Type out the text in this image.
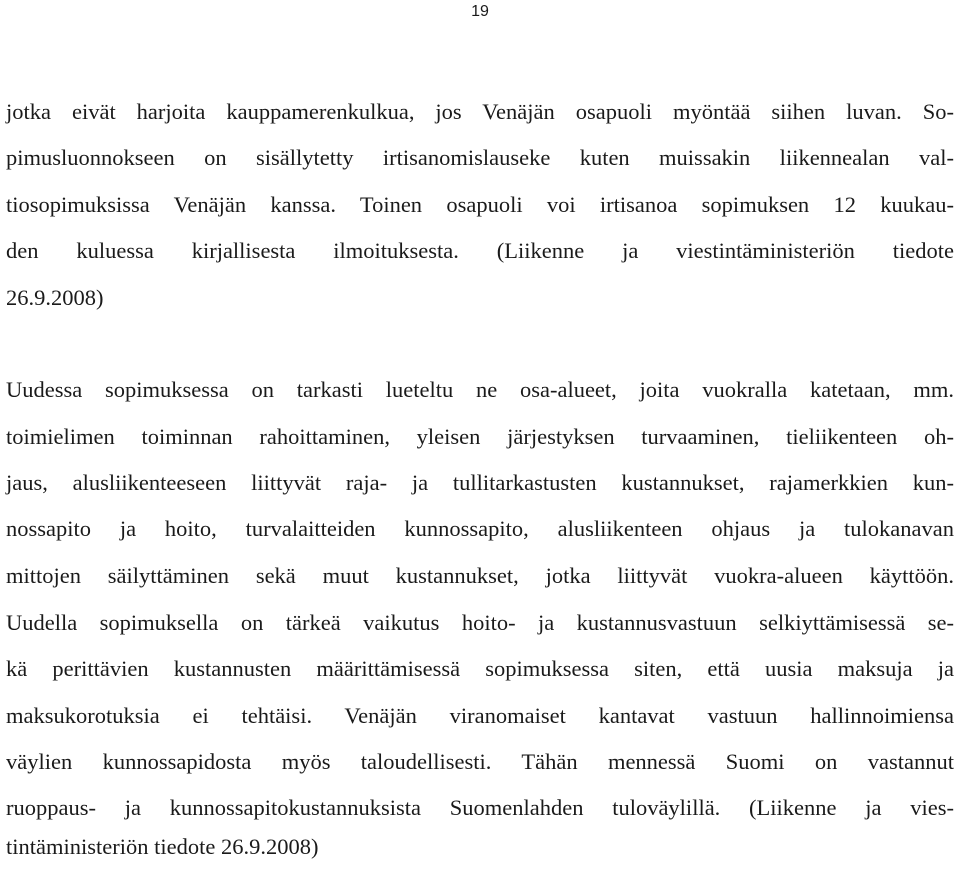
19
jotka eivät harjoita kauppamerenkulkua, jos Venäjän osapuoli myöntää siihen luvan. So-
pimusluonnokseen on sisällytetty irtisanomislauseke kuten muissakin liikennealan val-
tiosopimuksissa Venäjän kanssa. Toinen osapuoli voi irtisanoa sopimuksen 12 kuukau-
den kuluessa kirjallisesta ilmoituksesta. (Liikenne ja viestintäministeriön tiedote
26.9.2008)
Uudessa sopimuksessa on tarkasti lueteltu ne osa-alueet, joita vuokralla katetaan, mm.
toimielimen toiminnan rahoittaminen, yleisen järjestyksen turvaaminen, tieliikenteen oh-
jaus, alusliikenteeseen liittyvät raja- ja tullitarkastusten kustannukset, rajamerkkien kun-
nossapito ja hoito, turvalaitteiden kunnossapito, alusliikenteen ohjaus ja tulokanavan
mittojen säilyttäminen sekä muut kustannukset, jotka liittyvät vuokra-alueen käyttöön.
Uudella sopimuksella on tärkeä vaikutus hoito- ja kustannusvastuun selkiyttämisessä se-
kä perittävien kustannusten määrittämisessä sopimuksessa siten, että uusia maksuja ja
maksukorotuksia ei tehtäisi. Venäjän viranomaiset kantavat vastuun hallinnoimiensa
väylien kunnossapidosta myös taloudellisesti. Tähän mennessä Suomi on vastannut
ruoppaus- ja kunnossapitokustannuksista Suomenlahden tuloväylillä. (Liikenne ja vies-
tintäministeriön tiedote 26.9.2008)
